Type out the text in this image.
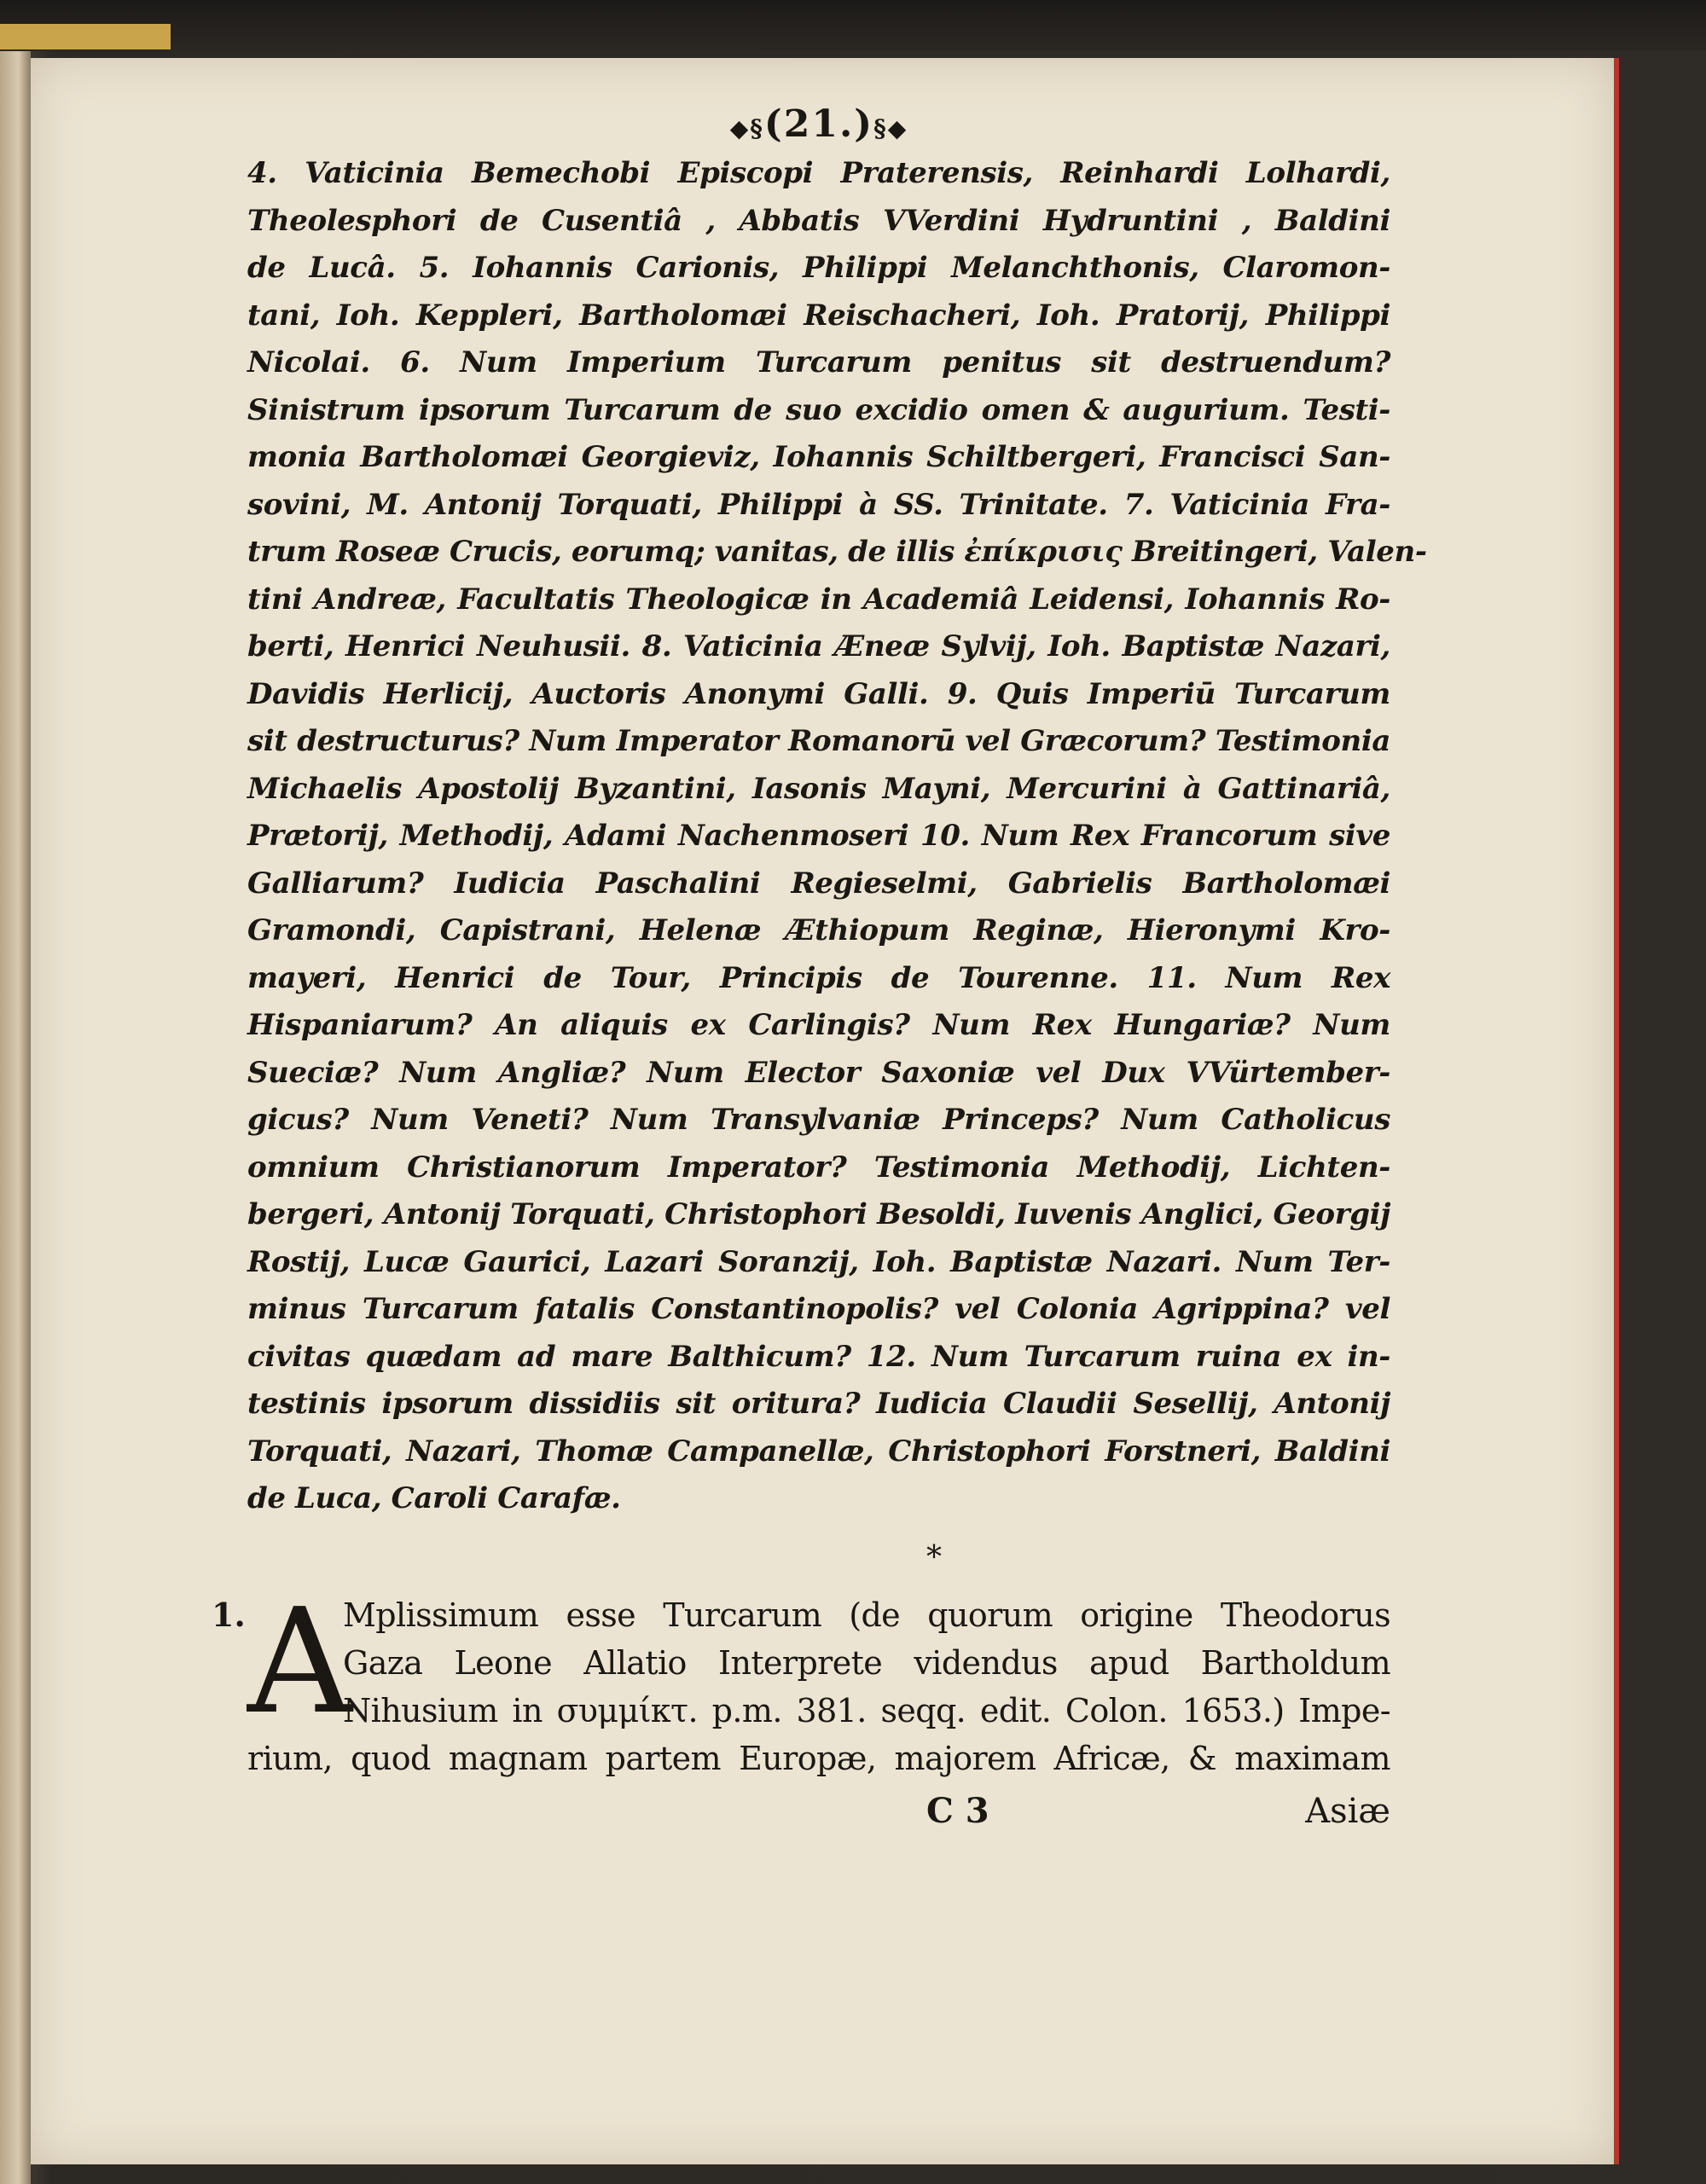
◆§(21.)§◆
4. Vaticinia Bemechobi Episcopi Praterensis, Reinhardi Lolhardi,
Theolesphori de Cusentiâ , Abbatis VVerdini Hydruntini , Baldini
de Lucâ. 5. Iohannis Carionis, Philippi Melanchthonis, Claromon-
tani, Ioh. Keppleri, Bartholomæi Reischacheri, Ioh. Pratorij, Philippi
Nicolai. 6. Num Imperium Turcarum penitus sit destruendum?
Sinistrum ipsorum Turcarum de suo excidio omen & augurium. Testi-
monia Bartholomæi Georgieviz, Iohannis Schiltbergeri, Francisci San-
sovini, M. Antonij Torquati, Philippi à SS. Trinitate. 7. Vaticinia Fra-
trum Roseæ Crucis, eorumq; vanitas, de illis ἐπίκρισις Breitingeri, Valen-
tini Andreæ, Facultatis Theologicæ in Academiâ Leidensi, Iohannis Ro-
berti, Henrici Neuhusii. 8. Vaticinia Æneæ Sylvij, Ioh. Baptistæ Nazari,
Davidis Herlicij, Auctoris Anonymi Galli. 9. Quis Imperiū Turcarum
sit destructurus? Num Imperator Romanorū vel Græcorum? Testimonia
Michaelis Apostolij Byzantini, Iasonis Mayni, Mercurini à Gattinariâ,
Prætorij, Methodij, Adami Nachenmoseri 10. Num Rex Francorum sive
Galliarum? Iudicia Paschalini Regieselmi, Gabrielis Bartholomæi
Gramondi, Capistrani, Helenæ Æthiopum Reginæ, Hieronymi Kro-
mayeri, Henrici de Tour, Principis de Tourenne. 11. Num Rex
Hispaniarum? An aliquis ex Carlingis? Num Rex Hungariæ? Num
Sueciæ? Num Angliæ? Num Elector Saxoniæ vel Dux VVürtember-
gicus? Num Veneti? Num Transylvaniæ Princeps? Num Catholicus
omnium Christianorum Imperator? Testimonia Methodij, Lichten-
bergeri, Antonij Torquati, Christophori Besoldi, Iuvenis Anglici, Georgij
Rostij, Lucæ Gaurici, Lazari Soranzij, Ioh. Baptistæ Nazari. Num Ter-
minus Turcarum fatalis Constantinopolis? vel Colonia Agrippina? vel
civitas quædam ad mare Balthicum? 12. Num Turcarum ruina ex in-
testinis ipsorum dissidiis sit oritura? Iudicia Claudii Sesellij, Antonij
Torquati, Nazari, Thomæ Campanellæ, Christophori Forstneri, Baldini
de Luca, Caroli Carafæ.
*
1. A
Mplissimum esse Turcarum (de quorum origine Theodorus
Gaza Leone Allatio Interprete videndus apud Bartholdum
Nihusium in συμμίκτ. p.m. 381. seqq. edit. Colon. 1653.) Impe-
rium, quod magnam partem Europæ, majorem Africæ, & maximam
C 3	Asiæ
